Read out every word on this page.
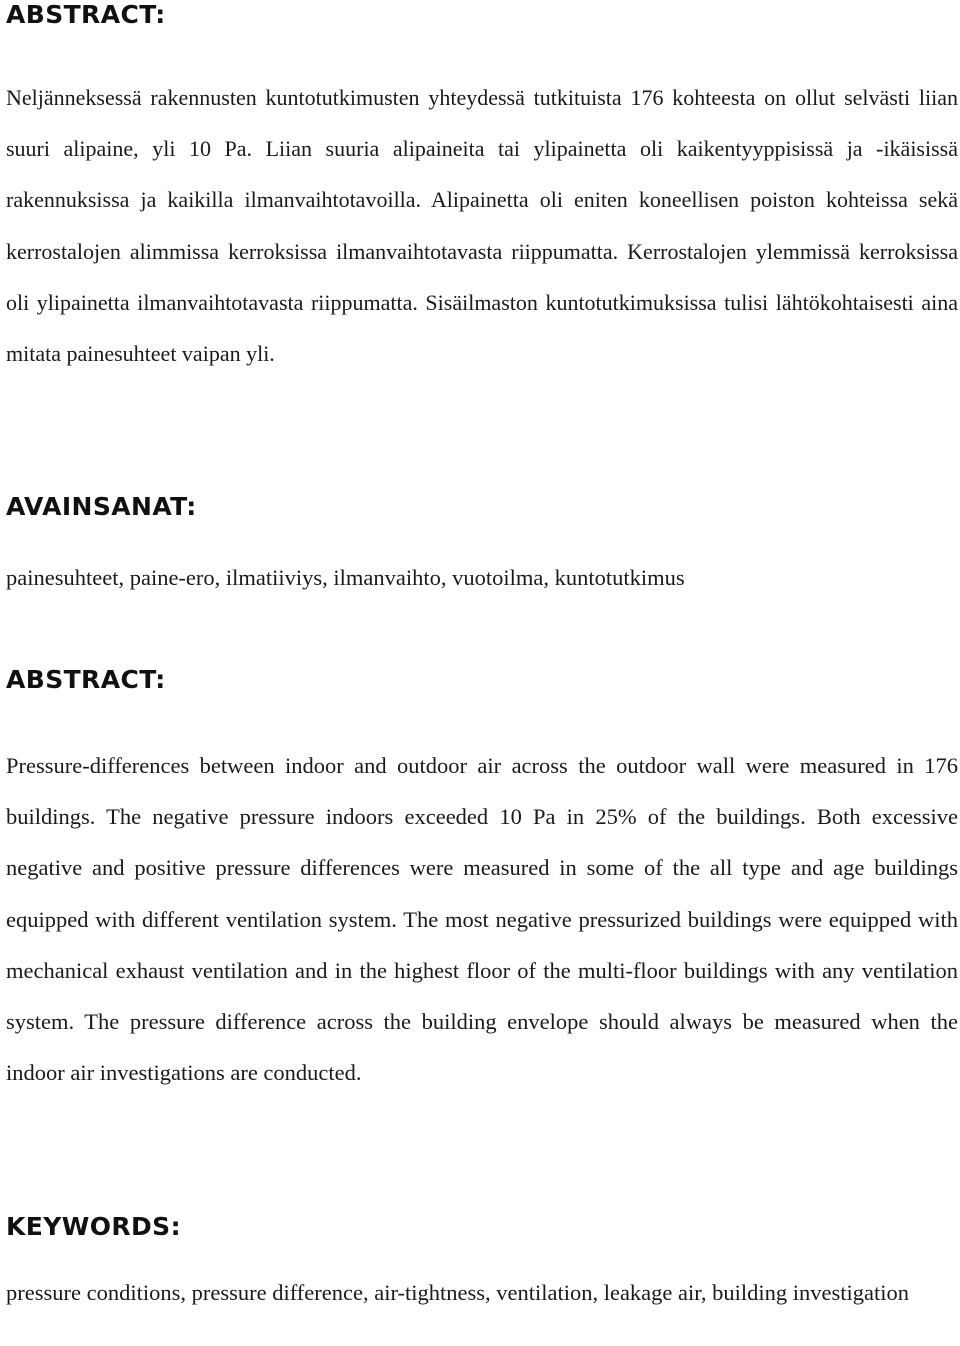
ABSTRACT:

Neljänneksessä rakennusten kuntotutkimusten yhteydessä tutkituista 176 kohteesta on ollut selvästi liian suuri alipaine, yli 10 Pa. Liian suuria alipaineita tai ylipainetta oli kaikentyyppisissä ja -ikäisissä rakennuksissa ja kaikilla ilmanvaihtotavoilla. Alipainetta oli eniten koneellisen poiston kohteissa sekä kerrostalojen alimmissa kerroksissa ilmanvaihtotavasta riippumatta. Kerrostalojen ylemmissä kerroksissa oli ylipainetta ilmanvaihtotavasta riippumatta. Sisäilmaston kuntotutkimuksissa tulisi lähtökohtaisesti aina mitata painesuhteet vaipan yli.

AVAINSANAT:

painesuhteet, paine-ero, ilmatiiviys, ilmanvaihto, vuotoilma, kuntotutkimus

ABSTRACT:

Pressure-differences between indoor and outdoor air across the outdoor wall were measured in 176 buildings. The negative pressure indoors exceeded 10 Pa in 25% of the buildings. Both excessive negative and positive pressure differences were measured in some of the all type and age buildings equipped with different ventilation system. The most negative pressurized buildings were equipped with mechanical exhaust ventilation and in the highest floor of the multi-floor buildings with any ventilation system. The pressure difference across the building envelope should always be measured when the indoor air investigations are conducted.

KEYWORDS:

pressure conditions, pressure difference, air-tightness, ventilation, leakage air, building investigation
